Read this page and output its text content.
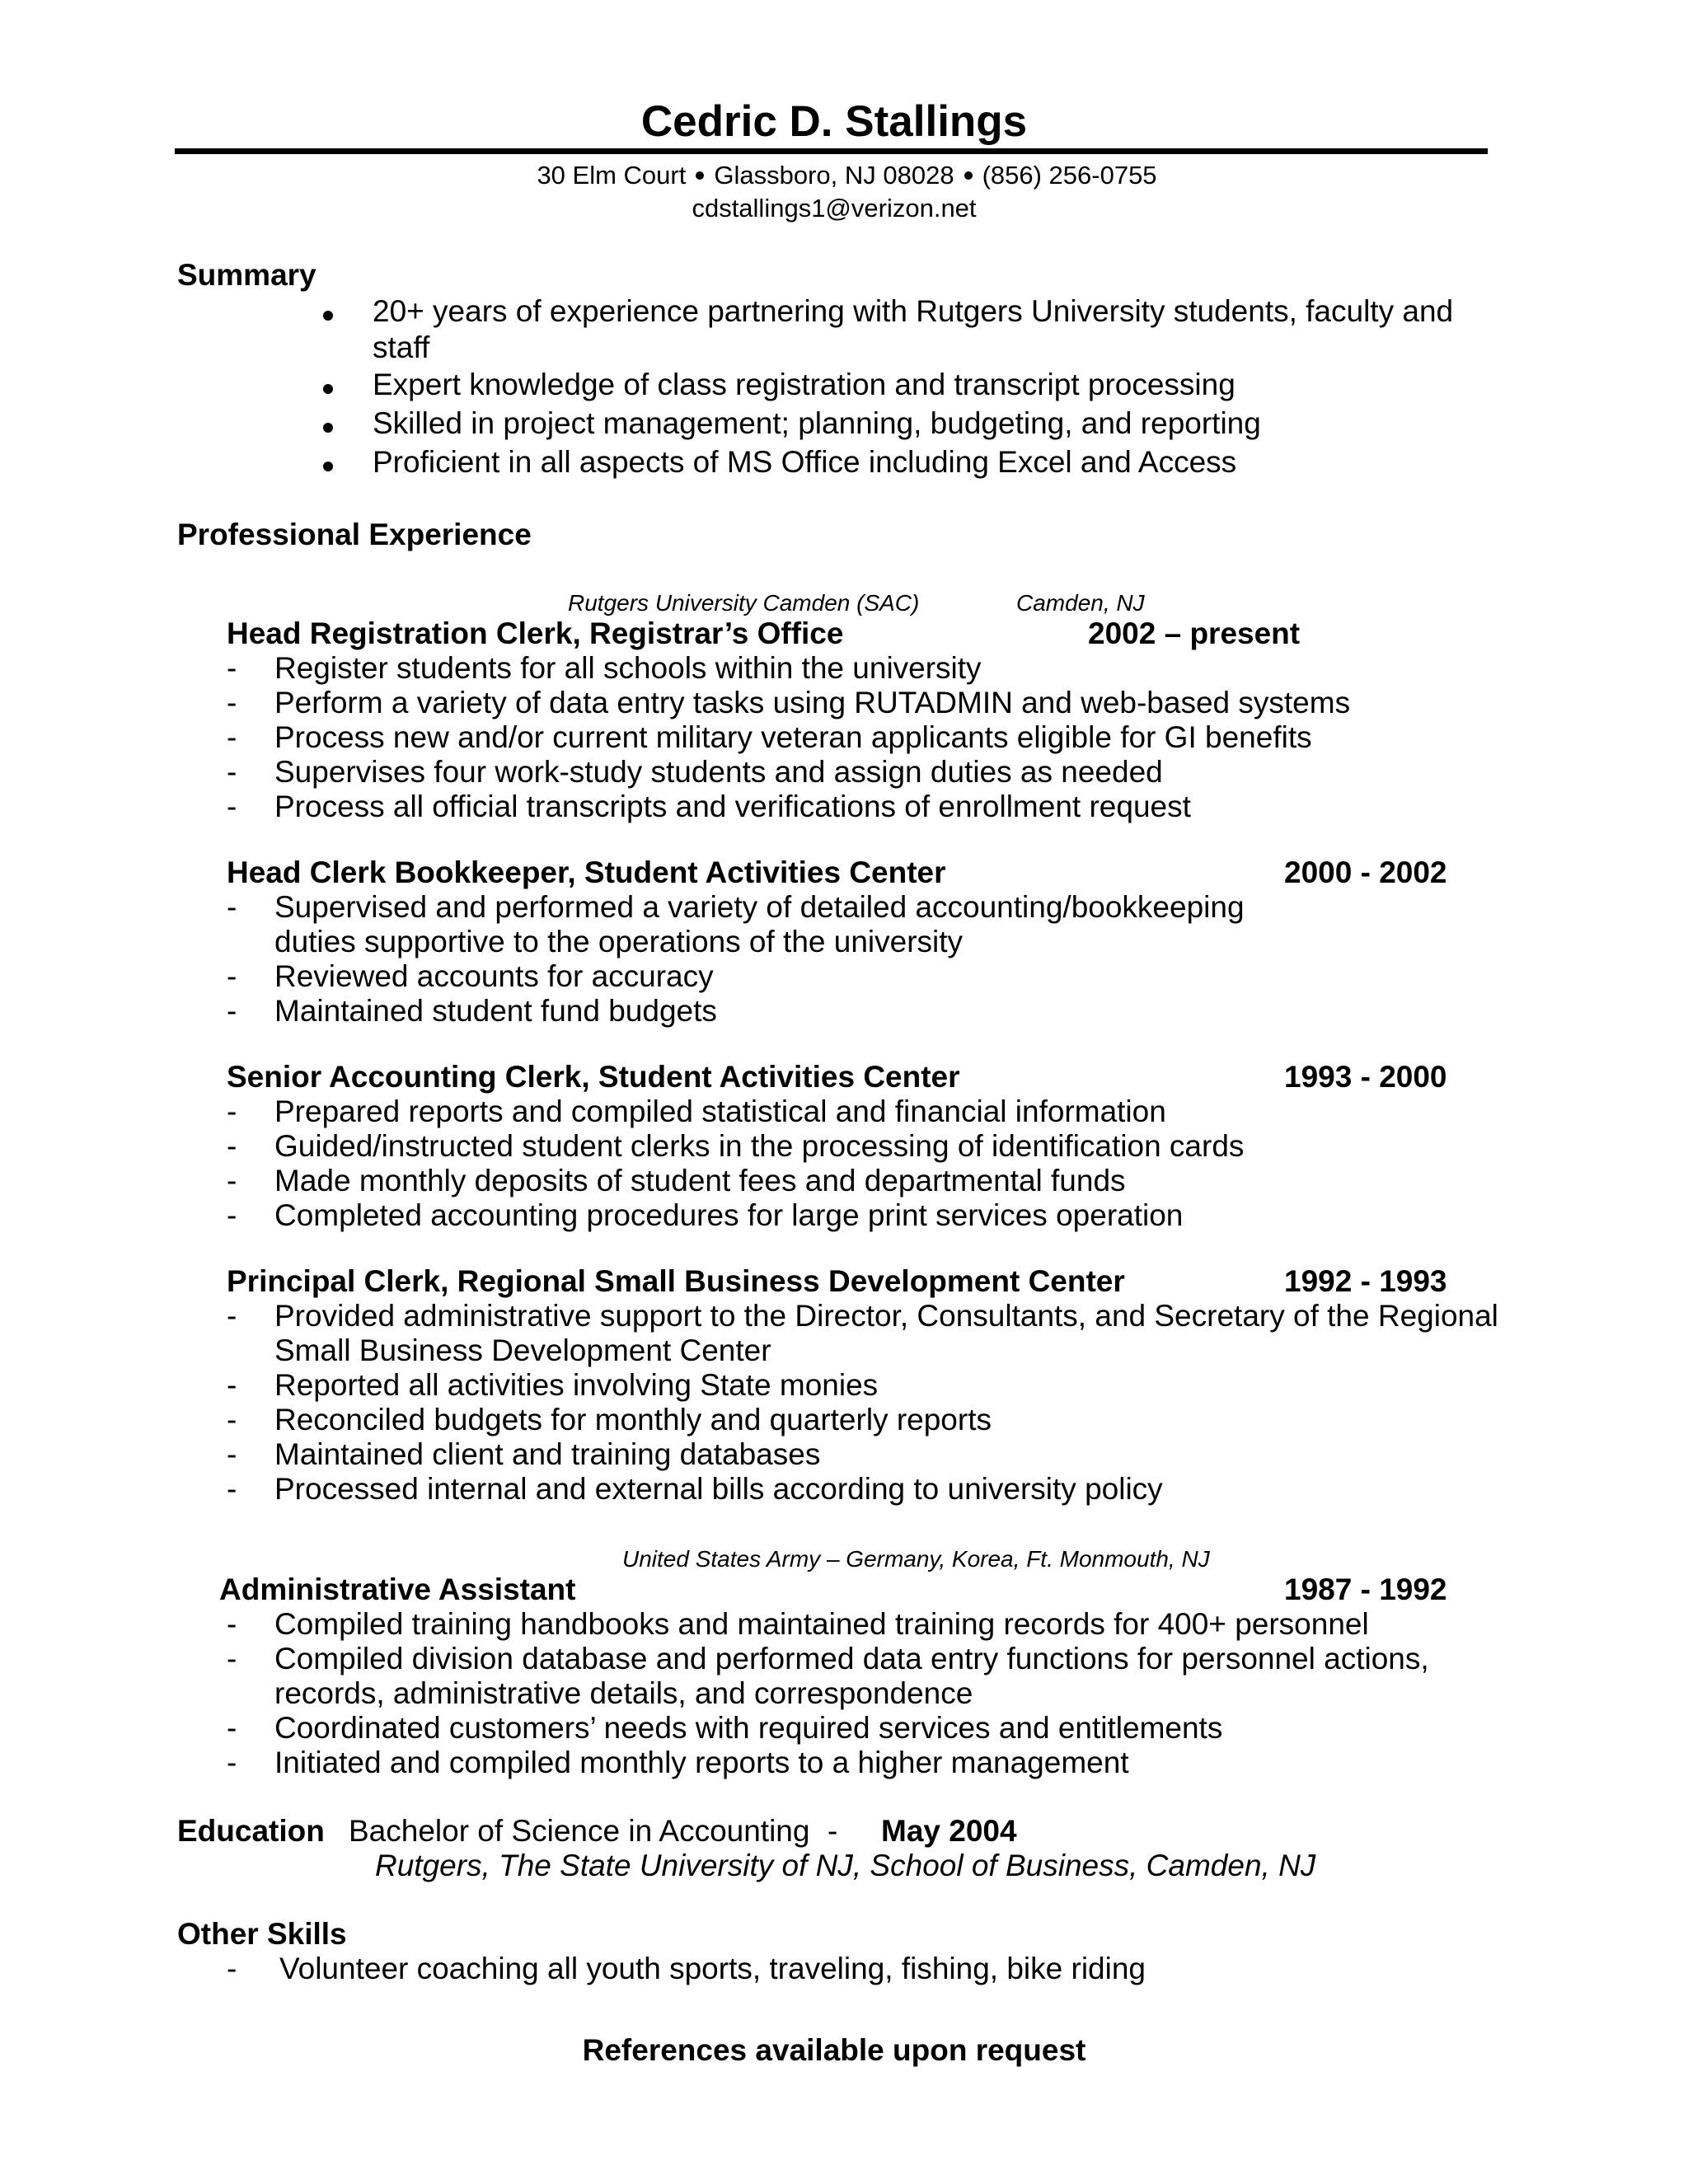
Cedric D. Stallings
30 Elm Court Glassboro, NJ 08028 (856) 256-0755
cdstallings1@verizon.net
Summary
20+ years of experience partnering with Rutgers University students, faculty and
staff
Expert knowledge of class registration and transcript processing
Skilled in project management; planning, budgeting, and reporting
Proficient in all aspects of MS Office including Excel and Access
Professional Experience
Rutgers University Camden (SAC)	Camden, NJ
Head Registration Clerk, Registrar’s Office	2002 – present
- Register students for all schools within the university
- Perform a variety of data entry tasks using RUTADMIN and web-based systems
- Process new and/or current military veteran applicants eligible for GI benefits
- Supervises four work-study students and assign duties as needed
- Process all official transcripts and verifications of enrollment request
Head Clerk Bookkeeper, Student Activities Center	2000 - 2002
- Supervised and performed a variety of detailed accounting/bookkeeping
duties supportive to the operations of the university
- Reviewed accounts for accuracy
- Maintained student fund budgets
Senior Accounting Clerk, Student Activities Center	1993 - 2000
- Prepared reports and compiled statistical and financial information
- Guided/instructed student clerks in the processing of identification cards
- Made monthly deposits of student fees and departmental funds
- Completed accounting procedures for large print services operation
Principal Clerk, Regional Small Business Development Center	1992 - 1993
- Provided administrative support to the Director, Consultants, and Secretary of the Regional
Small Business Development Center
- Reported all activities involving State monies
- Reconciled budgets for monthly and quarterly reports
- Maintained client and training databases
- Processed internal and external bills according to university policy
United States Army – Germany, Korea, Ft. Monmouth, NJ
Administrative Assistant	1987 - 1992
- Compiled training handbooks and maintained training records for 400+ personnel
- Compiled division database and performed data entry functions for personnel actions,
records, administrative details, and correspondence
- Coordinated customers’ needs with required services and entitlements
- Initiated and compiled monthly reports to a higher management
Education Bachelor of Science in Accounting - May 2004
Rutgers, The State University of NJ, School of Business, Camden, NJ
Other Skills
- Volunteer coaching all youth sports, traveling, fishing, bike riding
References available upon request
